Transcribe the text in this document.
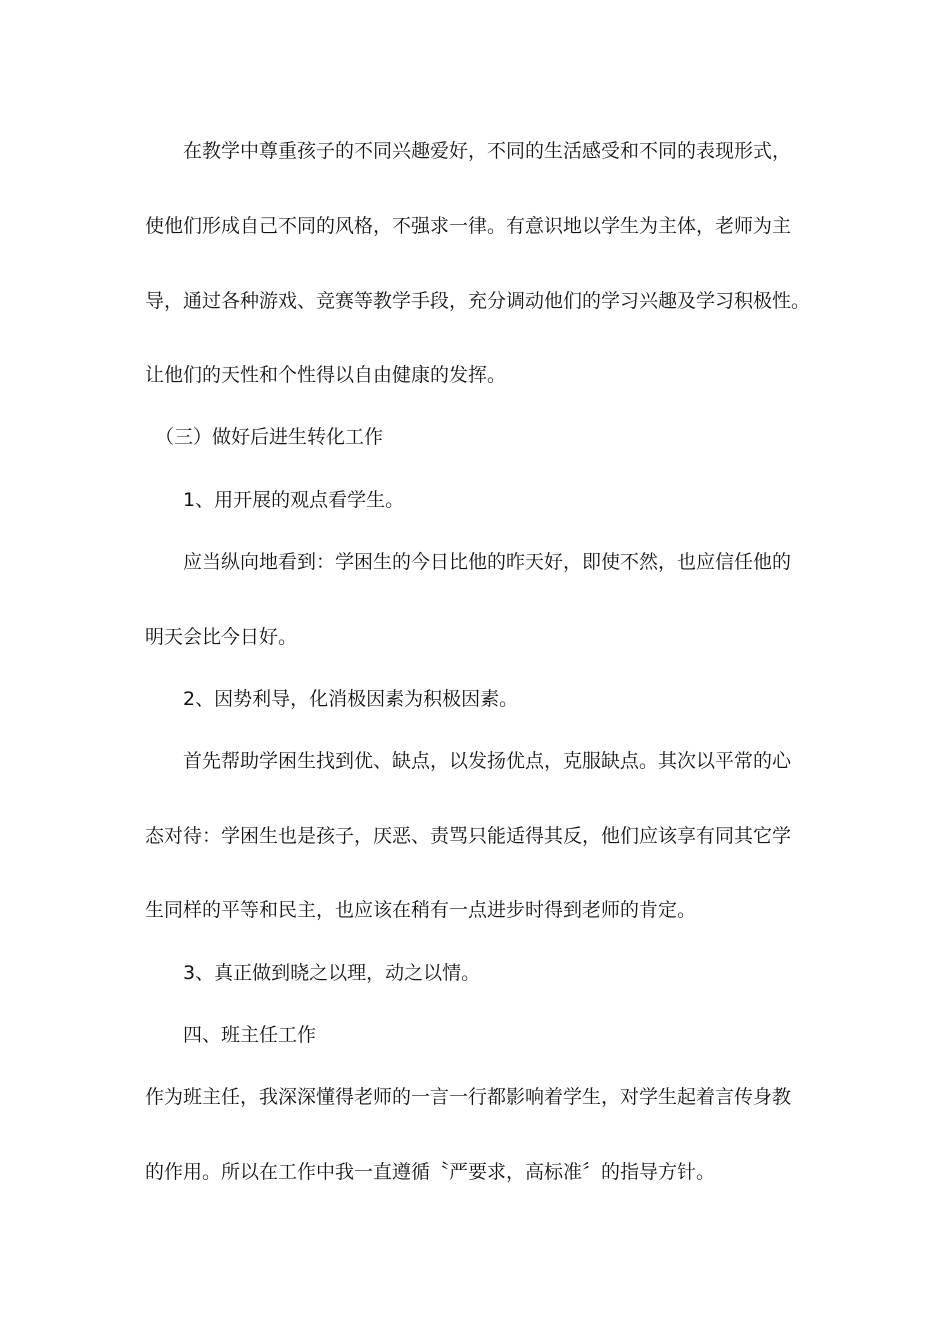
在教学中尊重孩子的不同兴趣爱好，不同的生活感受和不同的表现形式，

使他们形成自己不同的风格，不强求一律。有意识地以学生为主体，老师为主

导，通过各种游戏、竞赛等教学手段，充分调动他们的学习兴趣及学习积极性。

让他们的天性和个性得以自由健康的发挥。

（三）做好后进生转化工作

1、用开展的观点看学生。

应当纵向地看到：学困生的今日比他的昨天好，即使不然，也应信任他的

明天会比今日好。

2、因势利导，化消极因素为积极因素。

首先帮助学困生找到优、缺点，以发扬优点，克服缺点。其次以平常的心

态对待：学困生也是孩子，厌恶、责骂只能适得其反，他们应该享有同其它学

生同样的平等和民主，也应该在稍有一点进步时得到老师的肯定。

3、真正做到晓之以理，动之以情。

四、班主任工作

作为班主任，我深深懂得老师的一言一行都影响着学生，对学生起着言传身教

的作用。所以在工作中我一直遵循〝严要求，高标准〞的指导方针。
